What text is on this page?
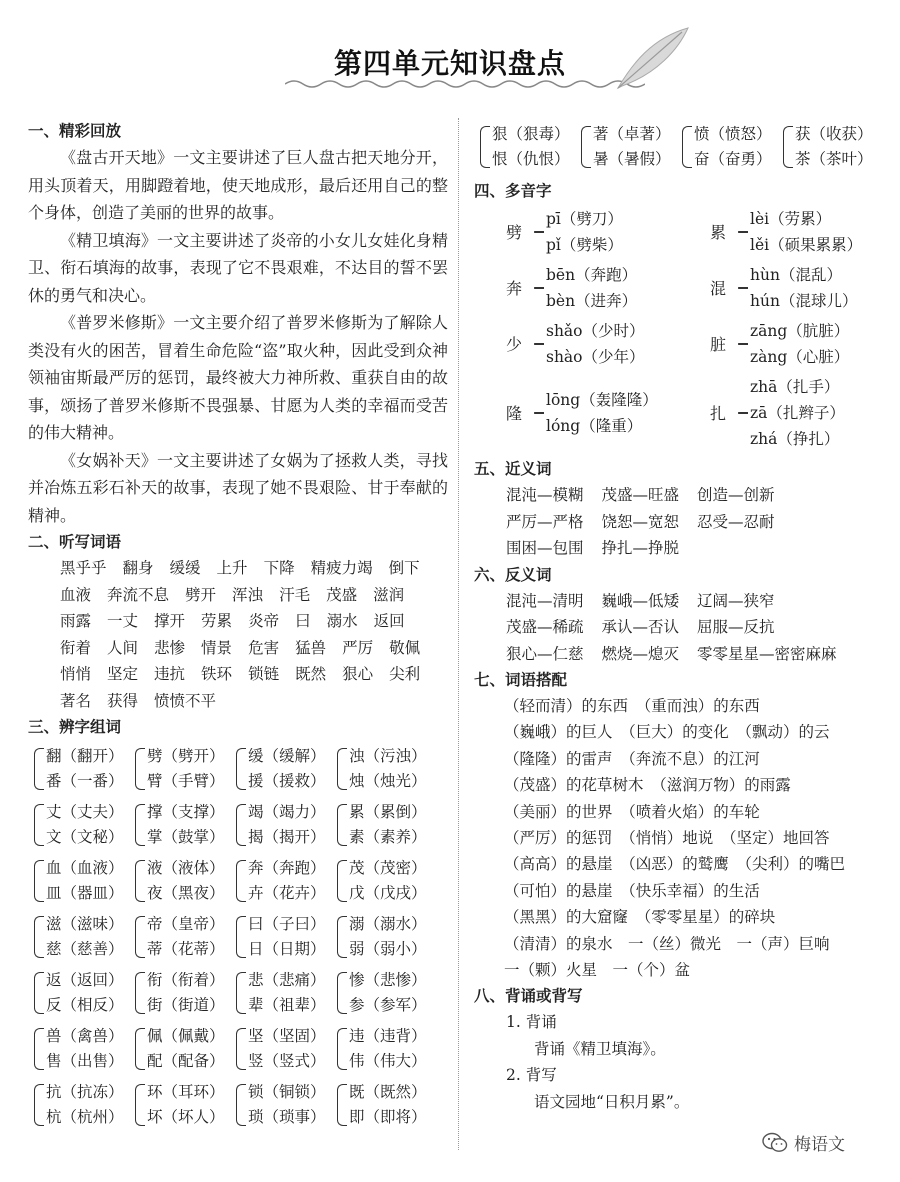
第四单元知识盘点
一、精彩回放

《盘古开天地》一文主要讲述了巨人盘古把天地分开，用头顶着天，用脚蹬着地，使天地成形，最后还用自己的整个身体，创造了美丽的世界的故事。

《精卫填海》一文主要讲述了炎帝的小女儿女娃化身精卫、衔石填海的故事，表现了它不畏艰难，不达目的誓不罢休的勇气和决心。

《普罗米修斯》一文主要介绍了普罗米修斯为了解除人类没有火的困苦，冒着生命危险“盗”取火种，因此受到众神领袖宙斯最严厉的惩罚，最终被大力神所救、重获自由的故事，颂扬了普罗米修斯不畏强暴、甘愿为人类的幸福而受苦的伟大精神。

《女娲补天》一文主要讲述了女娲为了拯救人类，寻找并冶炼五彩石补天的故事，表现了她不畏艰险、甘于奉献的精神。

二、听写词语
黑乎乎 翻身 缓缓 上升 下降 精疲力竭 倒下
血液 奔流不息 劈开 浑浊 汗毛 茂盛 滋润
雨露 一丈 撑开 劳累 炎帝 曰 溺水 返回
衔着 人间 悲惨 情景 危害 猛兽 严厉 敬佩
悄悄 坚定 违抗 铁环 锁链 既然 狠心 尖利
著名 获得 愤愤不平
三、辨字组词
翻（翻开）
番（一番）
劈（劈开）
臂（手臂）
缓（缓解）
援（援救）
浊（污浊）
烛（烛光）
丈（丈夫）
文（文秘）
撑（支撑）
掌（鼓掌）
竭（竭力）
揭（揭开）
累（累倒）
素（素养）
血（血液）
皿（器皿）
液（液体）
夜（黑夜）
奔（奔跑）
卉（花卉）
茂（茂密）
戊（戊戌）
滋（滋味）
慈（慈善）
帝（皇帝）
蒂（花蒂）
曰（子曰）
日（日期）
溺（溺水）
弱（弱小）
返（返回）
反（相反）
衔（衔着）
街（街道）
悲（悲痛）
辈（祖辈）
惨（悲惨）
参（参军）
兽（禽兽）
售（出售）
佩（佩戴）
配（配备）
坚（坚固）
竖（竖式）
违（违背）
伟（伟大）
抗（抗冻）
杭（杭州）
环（耳环）
坏（坏人）
锁（铜锁）
琐（琐事）
既（既然）
即（即将）
狠（狠毒）
恨（仇恨）
著（卓著）
暑（暑假）
愤（愤怒）
奋（奋勇）
获（收获）
茶（茶叶）
四、多音字
劈
pī（劈刀）
pǐ（劈柴）
累
lèi（劳累）
lěi（硕果累累）
奔
bēn（奔跑）
bèn（进奔）
混
hùn（混乱）
hún（混球儿）
少
shǎo（少时）
shào（少年）
脏
zāng（肮脏）
zàng（心脏）
隆
lōng（轰隆隆）
lóng（隆重）
扎
zhā（扎手）
zā（扎辫子）
zhá（挣扎）
五、近义词
混沌—模糊 茂盛—旺盛 创造—创新
严厉—严格 饶恕—宽恕 忍受—忍耐
围困—包围 挣扎—挣脱
六、反义词
混沌—清明 巍峨—低矮 辽阔—狭窄
茂盛—稀疏 承认—否认 屈服—反抗
狠心—仁慈 燃烧—熄灭 零零星星—密密麻麻
七、词语搭配
（轻而清）的东西　（重而浊）的东西
（巍峨）的巨人　（巨大）的变化　（飘动）的云
（隆隆）的雷声　（奔流不息）的江河
（茂盛）的花草树木　（滋润万物）的雨露
（美丽）的世界　（喷着火焰）的车轮
（严厉）的惩罚　（悄悄）地说　（坚定）地回答
（高高）的悬崖　（凶恶）的鹫鹰　（尖利）的嘴巴
（可怕）的悬崖　（快乐幸福）的生活
（黑黑）的大窟窿　（零零星星）的碎块
（清清）的泉水　一（丝）微光　一（声）巨响
一（颗）火星　一（个）盆
八、背诵或背写
1. 背诵
背诵《精卫填海》。
2. 背写
语文园地“日积月累”。
梅语文
